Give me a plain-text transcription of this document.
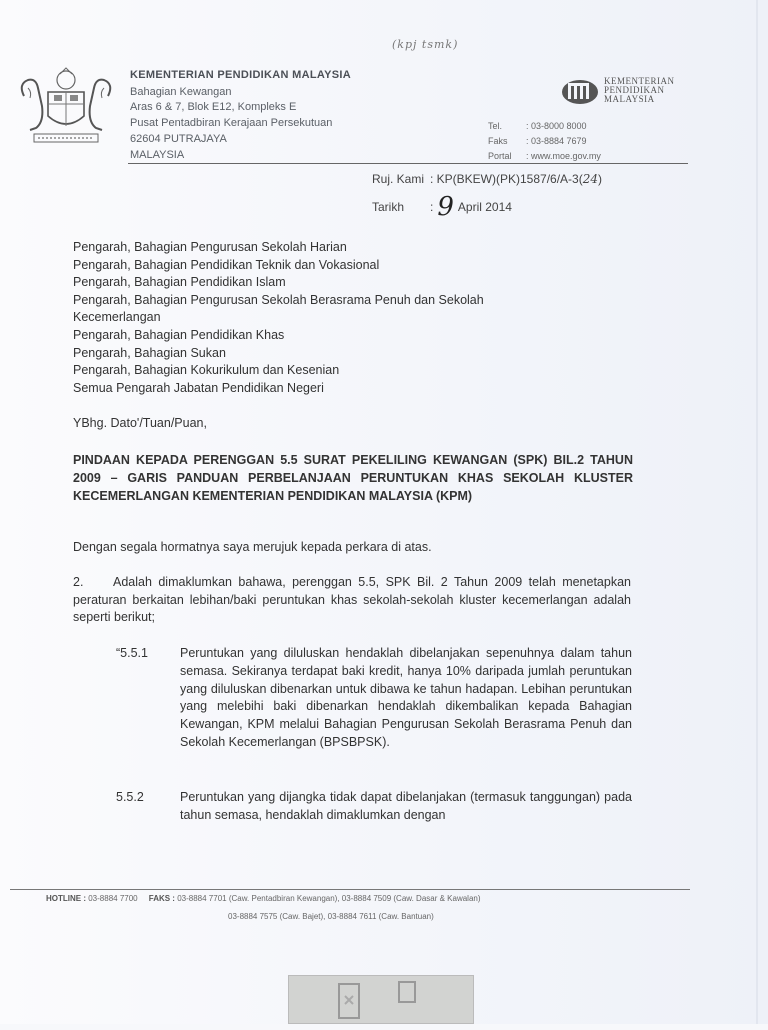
(kpj tsmk)
KEMENTERIAN PENDIDIKAN MALAYSIA
Bahagian Kewangan
Aras 6 & 7, Blok E12, Kompleks E
Pusat Pentadbiran Kerajaan Persekutuan
62604 PUTRAJAYA
MALAYSIA
KEMENTERIAN
PENDIDIKAN
MALAYSIA
Tel.	: 03-8000 8000
Faks : 03-8884 7679
Portal : www.moe.gov.my
Ruj. Kami : KP(BKEW)(PK)1587/6/A-3(24)
Tarikh : 9 April 2014
Pengarah, Bahagian Pengurusan Sekolah Harian
Pengarah, Bahagian Pendidikan Teknik dan Vokasional
Pengarah, Bahagian Pendidikan Islam
Pengarah, Bahagian Pengurusan Sekolah Berasrama Penuh dan Sekolah
Kecemerlangan
Pengarah, Bahagian Pendidikan Khas
Pengarah, Bahagian Sukan
Pengarah, Bahagian Kokurikulum dan Kesenian
Semua Pengarah Jabatan Pendidikan Negeri
YBhg. Dato'/Tuan/Puan,
PINDAAN KEPADA PERENGGAN 5.5 SURAT PEKELILING KEWANGAN (SPK) BIL.2 TAHUN 2009 – GARIS PANDUAN PERBELANJAAN PERUNTUKAN KHAS SEKOLAH KLUSTER KECEMERLANGAN KEMENTERIAN PENDIDIKAN MALAYSIA (KPM)
Dengan segala hormatnya saya merujuk kepada perkara di atas.
2. Adalah dimaklumkan bahawa, perenggan 5.5, SPK Bil. 2 Tahun 2009 telah menetapkan peraturan berkaitan lebihan/baki peruntukan khas sekolah-sekolah kluster kecemerlangan adalah seperti berikut;
“5.5.1	Peruntukan yang diluluskan hendaklah dibelanjakan sepenuhnya dalam tahun semasa. Sekiranya terdapat baki kredit, hanya 10% daripada jumlah peruntukan yang diluluskan dibenarkan untuk dibawa ke tahun hadapan. Lebihan peruntukan yang melebihi baki dibenarkan hendaklah dikembalikan kepada Bahagian Kewangan, KPM melalui Bahagian Pengurusan Sekolah Berasrama Penuh dan Sekolah Kecemerlangan (BPSBPSK).
5.5.2	Peruntukan yang dijangka tidak dapat dibelanjakan (termasuk tanggungan) pada tahun semasa, hendaklah dimaklumkan dengan
HOTLINE : 03-8884 7700 FAKS : 03-8884 7701 (Caw. Pentadbiran Kewangan), 03-8884 7509 (Caw. Dasar & Kawalan)
03-8884 7575 (Caw. Bajet), 03-8884 7611 (Caw. Bantuan)
